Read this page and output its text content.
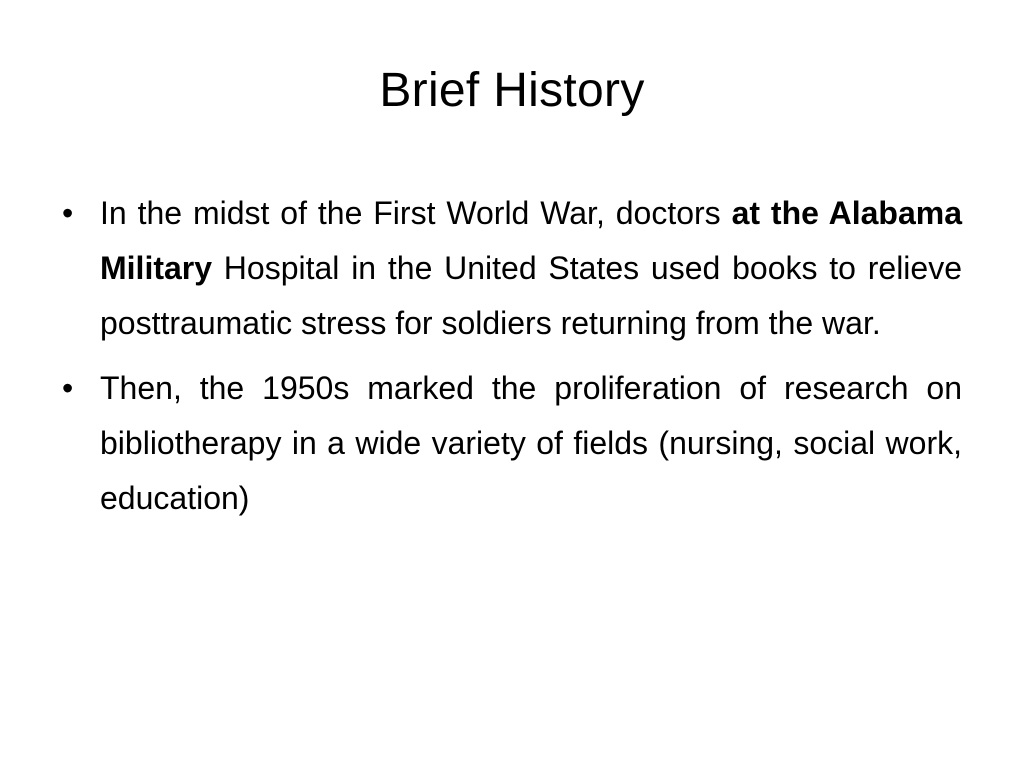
Brief History
• In the midst of the First World War, doctors at the Alabama Military Hospital in the United States used books to relieve posttraumatic stress for soldiers returning from the war.
• Then, the 1950s marked the proliferation of research on bibliotherapy in a wide variety of fields (nursing, social work, education)
